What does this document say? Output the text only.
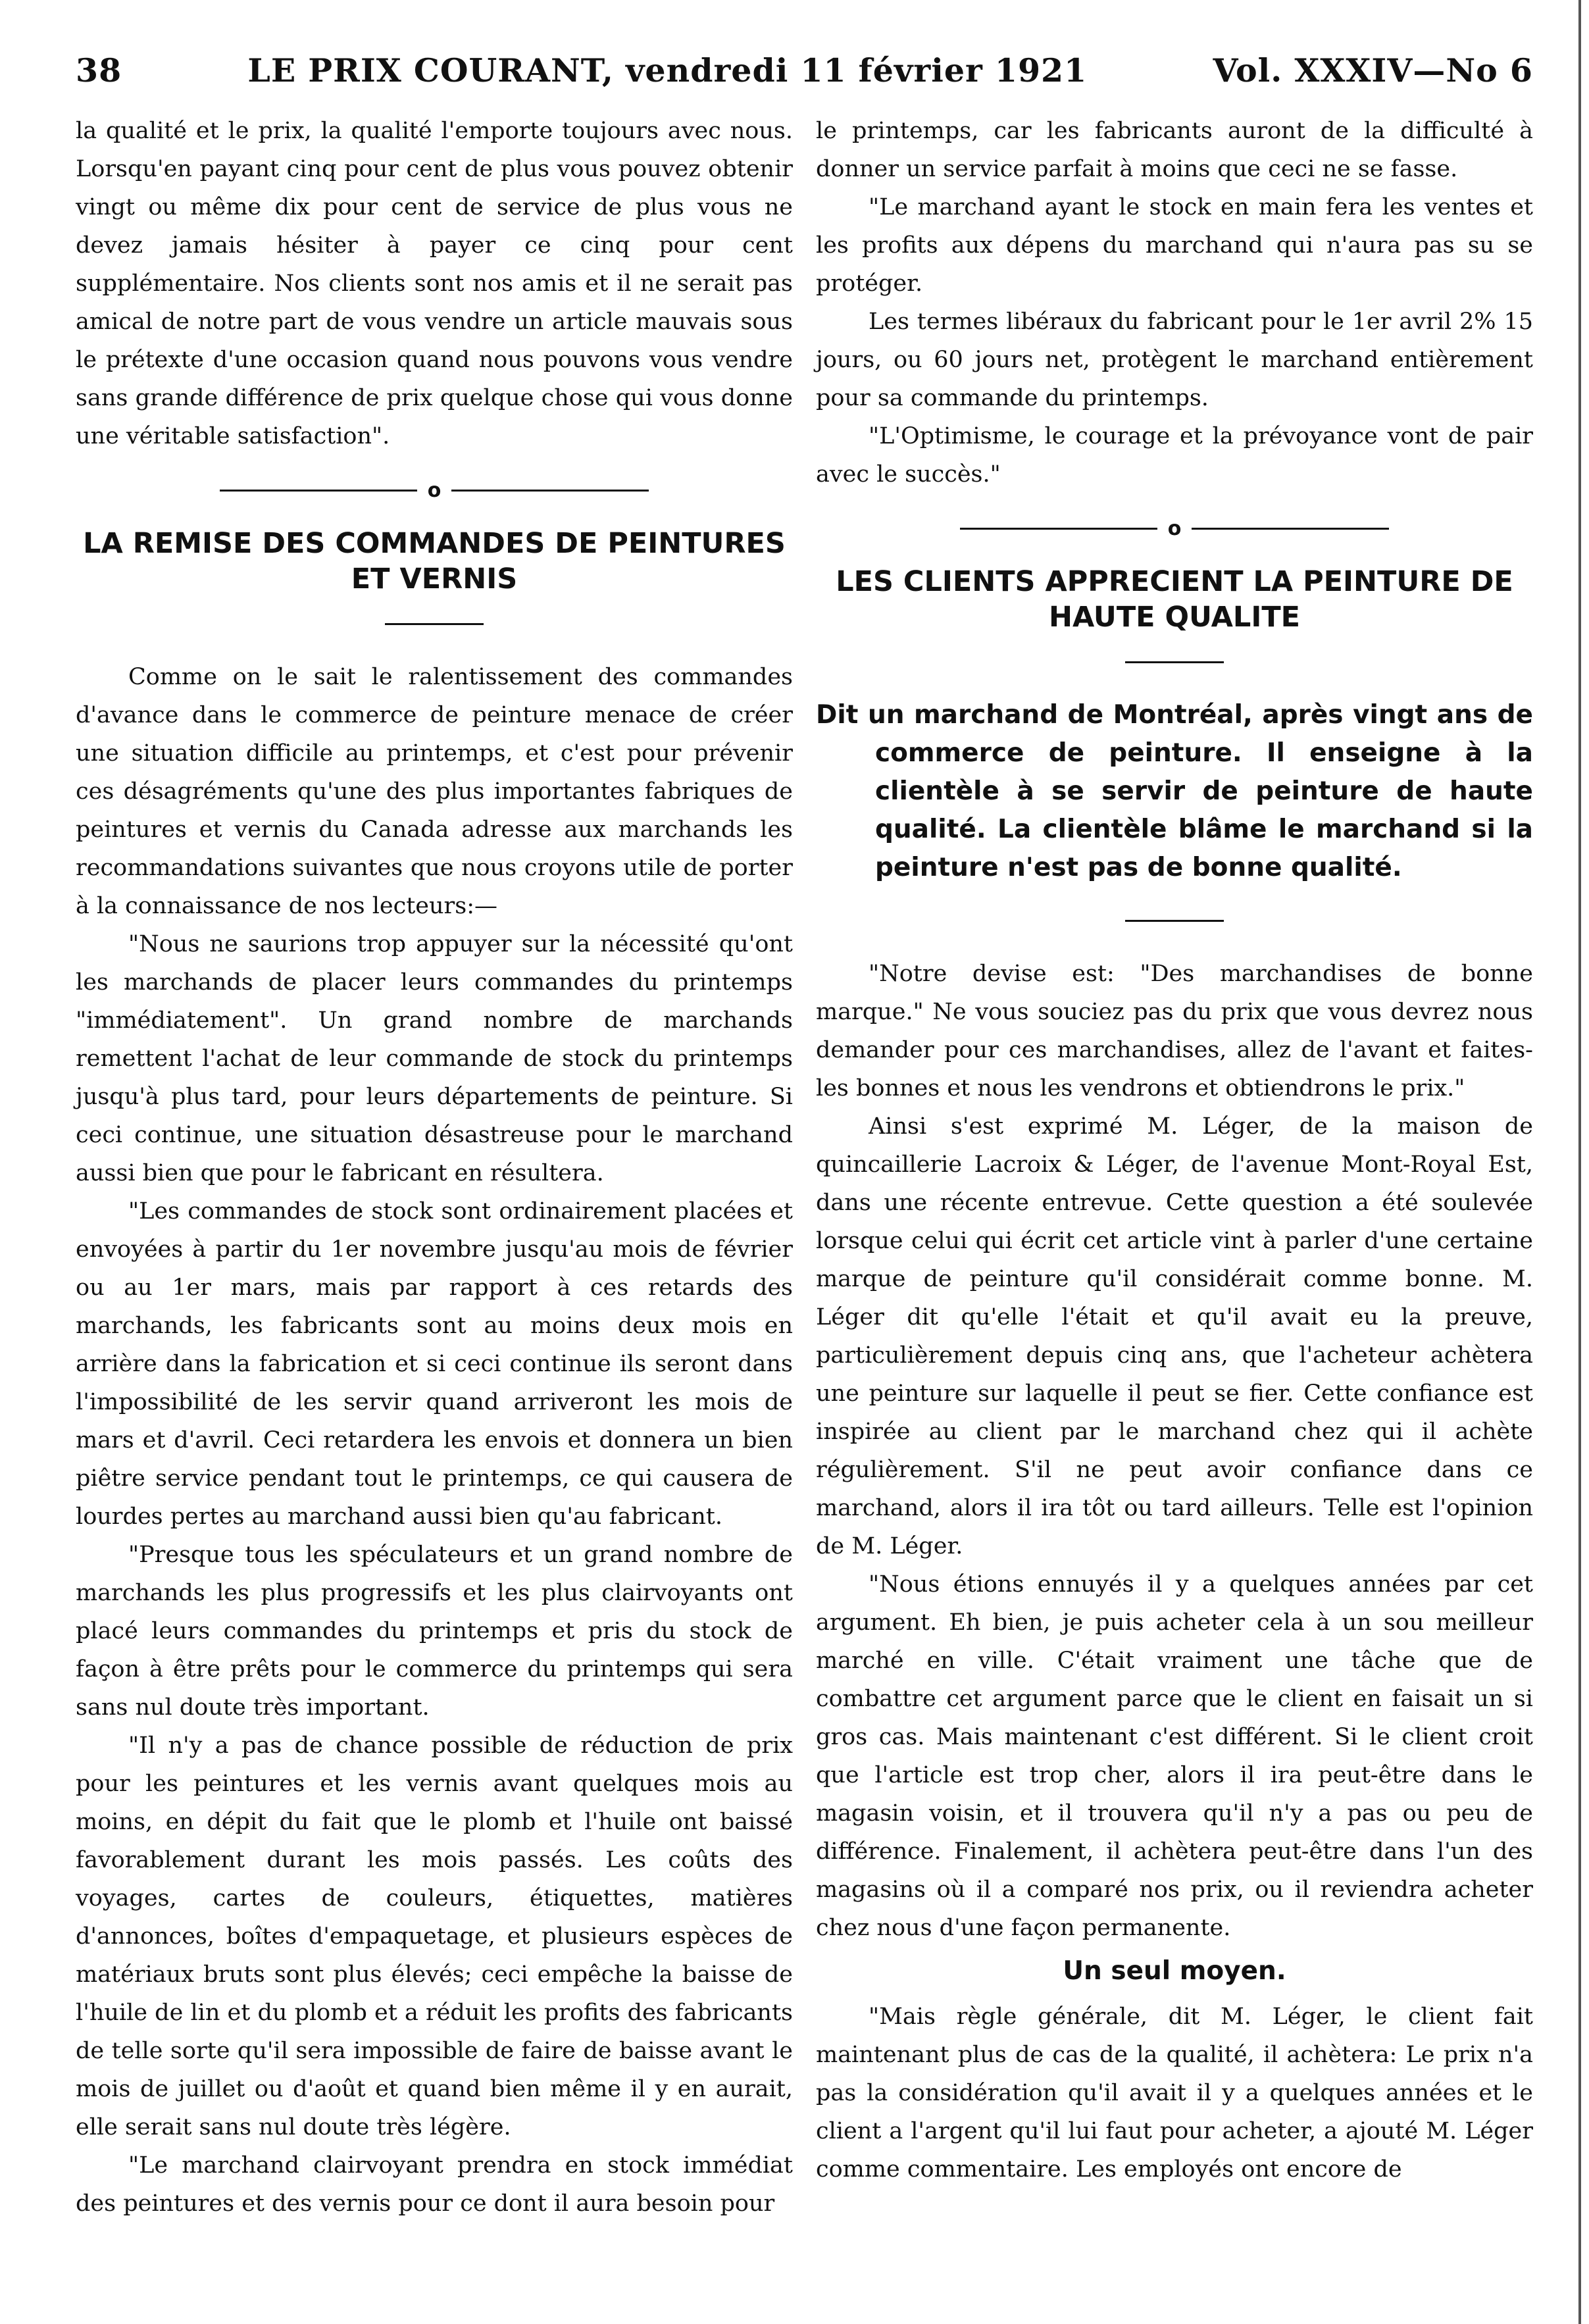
38	LE PRIX COURANT, vendredi 11 février 1921	Vol. XXXIV—No 6

la qualité et le prix, la qualité l'emporte toujours avec nous. Lorsqu'en payant cinq pour cent de plus vous pouvez obtenir vingt ou même dix pour cent de service de plus vous ne devez jamais hésiter à payer ce cinq pour cent supplémentaire. Nos clients sont nos amis et il ne serait pas amical de notre part de vous vendre un article mauvais sous le prétexte d'une occasion quand nous pouvons vous vendre sans grande différence de prix quelque chose qui vous donne une véritable satisfaction".

o
LA REMISE DES COMMANDES DE PEINTURES ET VERNIS

Comme on le sait le ralentissement des commandes d'avance dans le commerce de peinture menace de créer une situation difficile au printemps, et c'est pour prévenir ces désagréments qu'une des plus importantes fabriques de peintures et vernis du Canada adresse aux marchands les recommandations suivantes que nous croyons utile de porter à la connaissance de nos lecteurs:—

"Nous ne saurions trop appuyer sur la nécessité qu'ont les marchands de placer leurs commandes du printemps "immédiatement". Un grand nombre de marchands remettent l'achat de leur commande de stock du printemps jusqu'à plus tard, pour leurs départements de peinture. Si ceci continue, une situation désastreuse pour le marchand aussi bien que pour le fabricant en résultera.

"Les commandes de stock sont ordinairement placées et envoyées à partir du 1er novembre jusqu'au mois de février ou au 1er mars, mais par rapport à ces retards des marchands, les fabricants sont au moins deux mois en arrière dans la fabrication et si ceci continue ils seront dans l'impossibilité de les servir quand arriveront les mois de mars et d'avril. Ceci retardera les envois et donnera un bien piêtre service pendant tout le printemps, ce qui causera de lourdes pertes au marchand aussi bien qu'au fabricant.

"Presque tous les spéculateurs et un grand nombre de marchands les plus progressifs et les plus clairvoyants ont placé leurs commandes du printemps et pris du stock de façon à être prêts pour le commerce du printemps qui sera sans nul doute très important.

"Il n'y a pas de chance possible de réduction de prix pour les peintures et les vernis avant quelques mois au moins, en dépit du fait que le plomb et l'huile ont baissé favorablement durant les mois passés. Les coûts des voyages, cartes de couleurs, étiquettes, matières d'annonces, boîtes d'empaquetage, et plusieurs espèces de matériaux bruts sont plus élevés; ceci empêche la baisse de l'huile de lin et du plomb et a réduit les profits des fabricants de telle sorte qu'il sera impossible de faire de baisse avant le mois de juillet ou d'août et quand bien même il y en aurait, elle serait sans nul doute très légère.

"Le marchand clairvoyant prendra en stock immédiat des peintures et des vernis pour ce dont il aura besoin pour

le printemps, car les fabricants auront de la difficulté à donner un service parfait à moins que ceci ne se fasse.

"Le marchand ayant le stock en main fera les ventes et les profits aux dépens du marchand qui n'aura pas su se protéger.

Les termes libéraux du fabricant pour le 1er avril 2% 15 jours, ou 60 jours net, protègent le marchand entièrement pour sa commande du printemps.

"L'Optimisme, le courage et la prévoyance vont de pair avec le succès."

o
LES CLIENTS APPRECIENT LA PEINTURE DE HAUTE QUALITE
Dit un marchand de Montréal, après vingt ans de commerce de peinture. Il enseigne à la clientèle à se servir de peinture de haute qualité. La clientèle blâme le marchand si la peinture n'est pas de bonne qualité.

"Notre devise est: "Des marchandises de bonne marque." Ne vous souciez pas du prix que vous devrez nous demander pour ces marchandises, allez de l'avant et faites-les bonnes et nous les vendrons et obtiendrons le prix."

Ainsi s'est exprimé M. Léger, de la maison de quincaillerie Lacroix & Léger, de l'avenue Mont-Royal Est, dans une récente entrevue. Cette question a été soulevée lorsque celui qui écrit cet article vint à parler d'une certaine marque de peinture qu'il considérait comme bonne. M. Léger dit qu'elle l'était et qu'il avait eu la preuve, particulièrement depuis cinq ans, que l'acheteur achètera une peinture sur laquelle il peut se fier. Cette confiance est inspirée au client par le marchand chez qui il achète régulièrement. S'il ne peut avoir confiance dans ce marchand, alors il ira tôt ou tard ailleurs. Telle est l'opinion de M. Léger.

"Nous étions ennuyés il y a quelques années par cet argument. Eh bien, je puis acheter cela à un sou meilleur marché en ville. C'était vraiment une tâche que de combattre cet argument parce que le client en faisait un si gros cas. Mais maintenant c'est différent. Si le client croit que l'article est trop cher, alors il ira peut-être dans le magasin voisin, et il trouvera qu'il n'y a pas ou peu de différence. Finalement, il achètera peut-être dans l'un des magasins où il a comparé nos prix, ou il reviendra acheter chez nous d'une façon permanente.

Un seul moyen.

"Mais règle générale, dit M. Léger, le client fait maintenant plus de cas de la qualité, il achètera: Le prix n'a pas la considération qu'il avait il y a quelques années et le client a l'argent qu'il lui faut pour acheter, a ajouté M. Léger comme commentaire. Les employés ont encore de
